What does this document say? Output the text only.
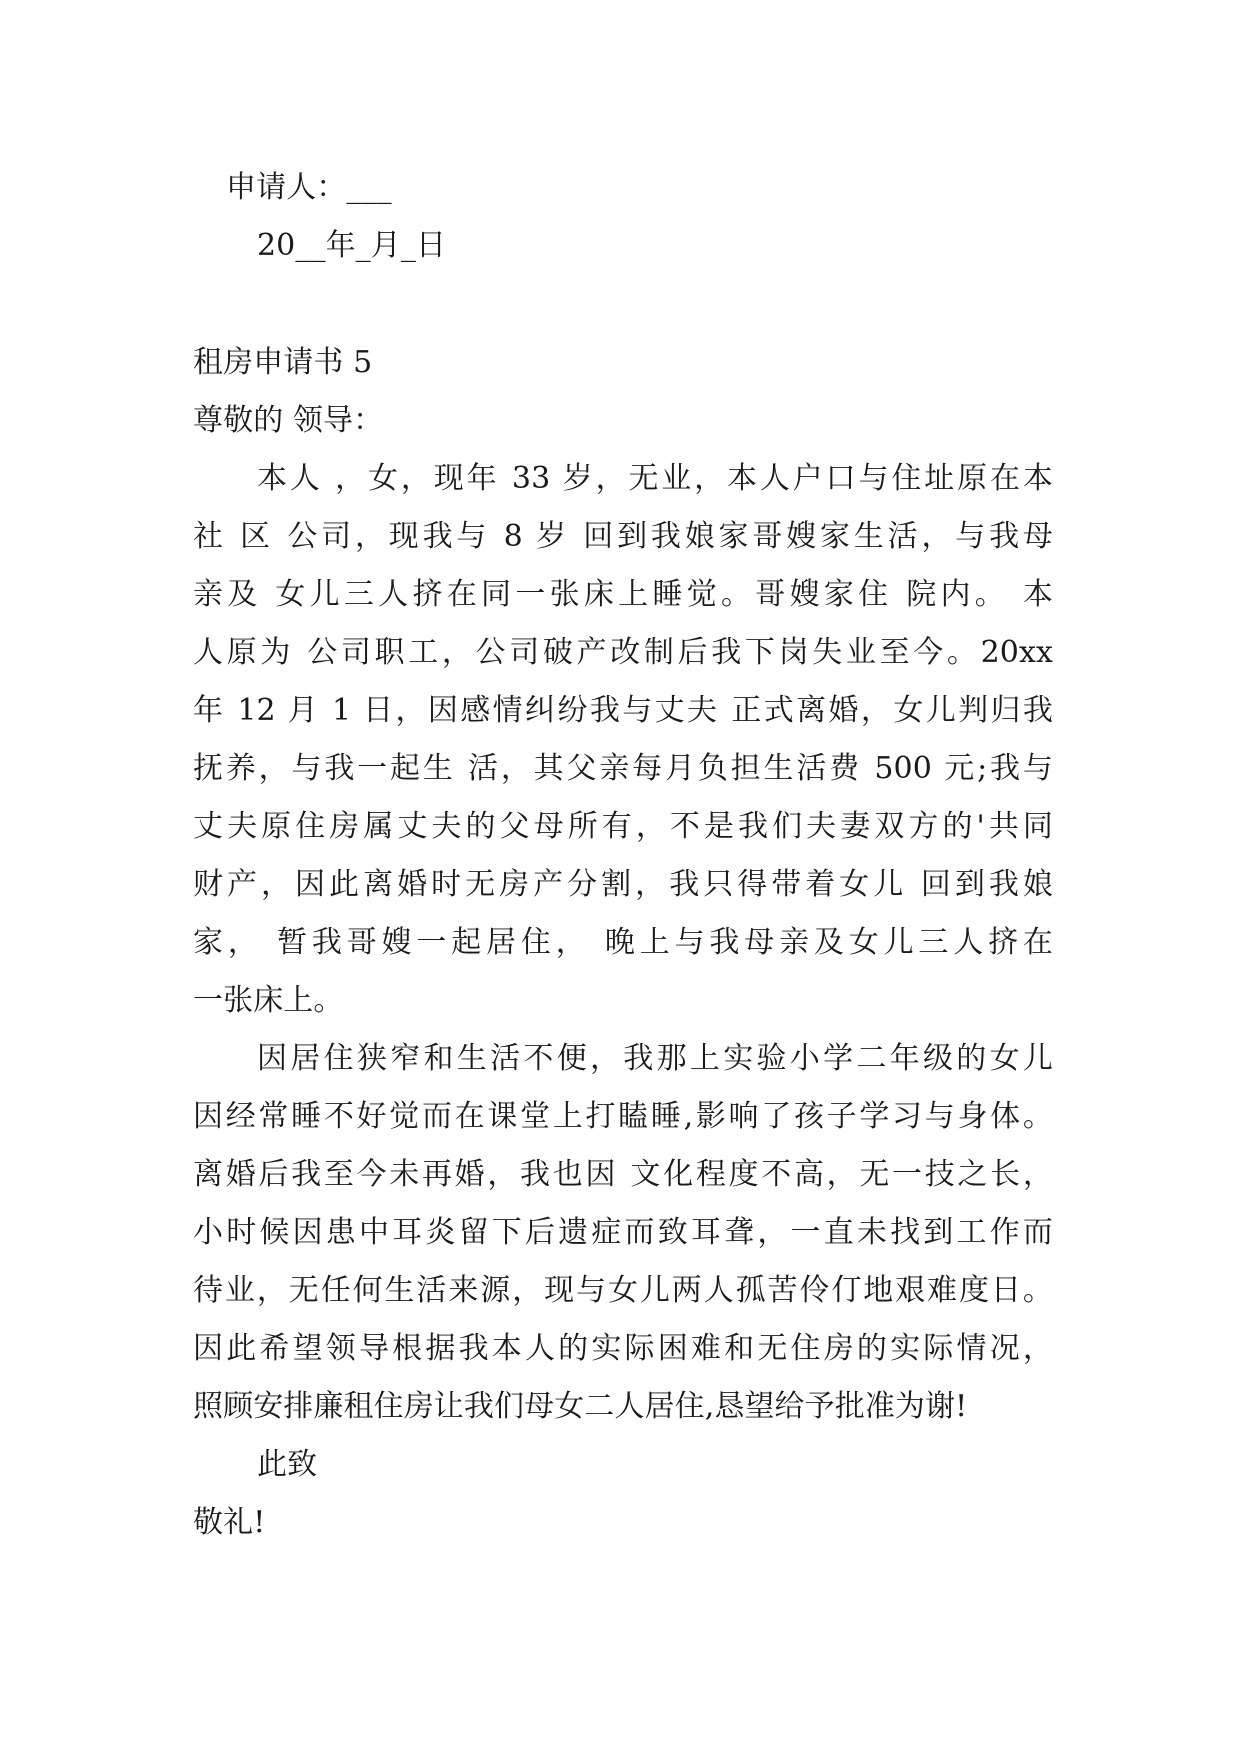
申请人：___
20__年_月_日
租房申请书 5
尊敬的 领导：
本人 ，女，现年 33 岁，无业，本人户口与住址原在本
社 区 公司，现我与 8 岁 回到我娘家哥嫂家生活，与我母
亲及 女儿三人挤在同一张床上睡觉。哥嫂家住 院内。 本
人原为 公司职工，公司破产改制后我下岗失业至今。20xx
年 12 月 1 日，因感情纠纷我与丈夫 正式离婚，女儿判归我
抚养，与我一起生 活，其父亲每月负担生活费 500 元;我与
丈夫原住房属丈夫的父母所有，不是我们夫妻双方的'共同
财产，因此离婚时无房产分割，我只得带着女儿 回到我娘
家， 暂我哥嫂一起居住， 晚上与我母亲及女儿三人挤在
一张床上。
因居住狭窄和生活不便，我那上实验小学二年级的女儿
因经常睡不好觉而在课堂上打瞌睡,影响了孩子学习与身体。
离婚后我至今未再婚，我也因 文化程度不高，无一技之长，
小时候因患中耳炎留下后遗症而致耳聋，一直未找到工作而
待业，无任何生活来源，现与女儿两人孤苦伶仃地艰难度日。
因此希望领导根据我本人的实际困难和无住房的实际情况，
照顾安排廉租住房让我们母女二人居住,恳望给予批准为谢!
此致
敬礼!
